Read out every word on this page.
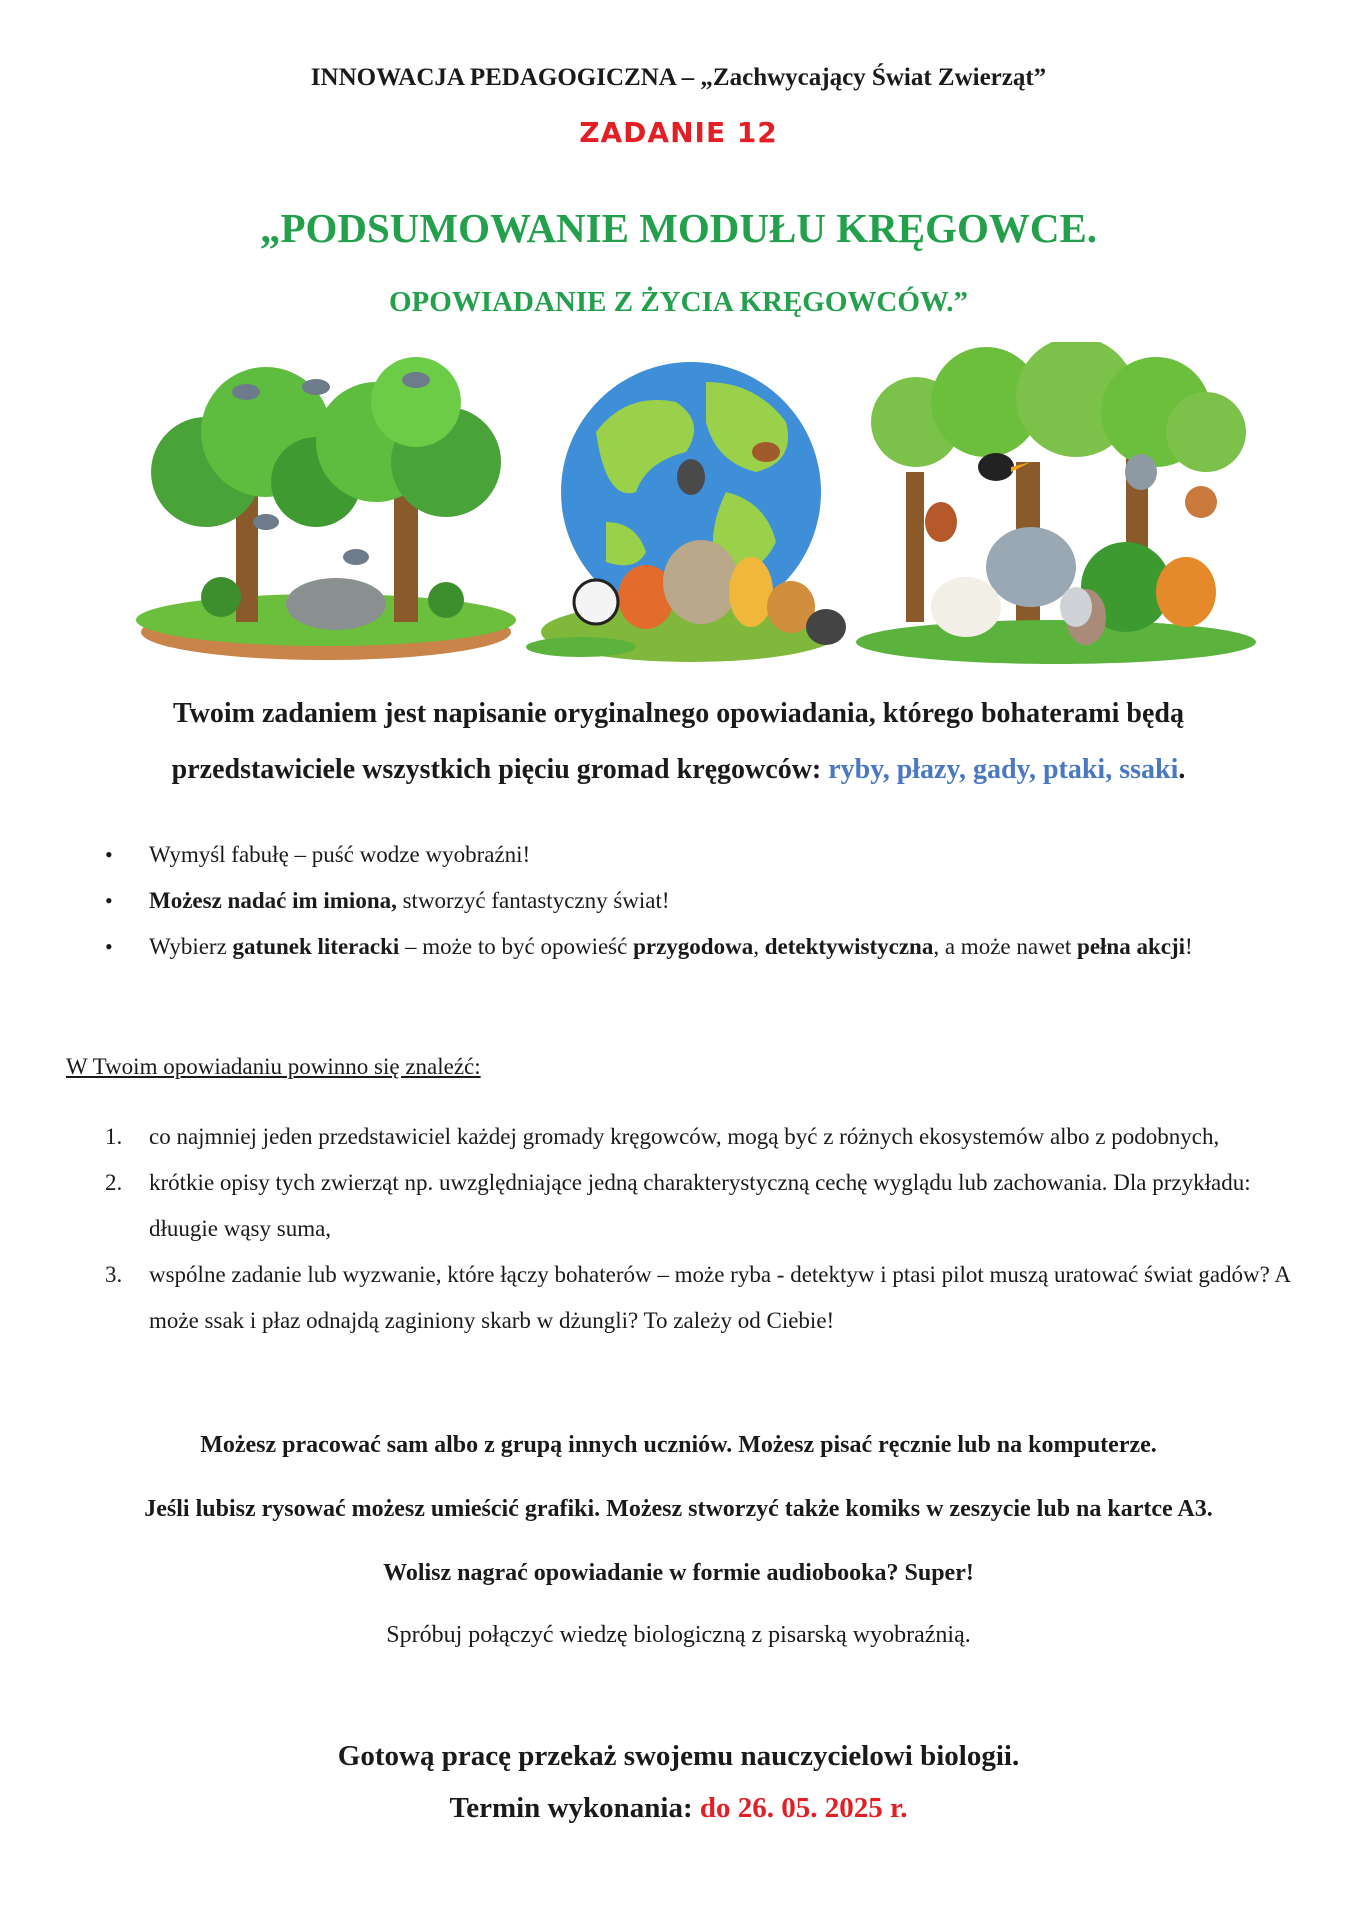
INNOWACJA PEDAGOGICZNA – „Zachwycający Świat Zwierząt”
ZADANIE 12
„PODSUMOWANIE MODUŁU KRĘGOWCE.
OPOWIADANIE Z ŻYCIA KRĘGOWCÓW.”
Twoim zadaniem jest napisanie oryginalnego opowiadania, którego bohaterami będą
przedstawiciele wszystkich pięciu gromad kręgowców: ryby, płazy, gady, ptaki, ssaki.
• Wymyśl fabułę – puść wodze wyobraźni!
• Możesz nadać im imiona, stworzyć fantastyczny świat!
• Wybierz gatunek literacki – może to być opowieść przygodowa, detektywistyczna, a może nawet pełna akcji!
W Twoim opowiadaniu powinno się znaleźć:
1. co najmniej jeden przedstawiciel każdej gromady kręgowców, mogą być z różnych ekosystemów albo z podobnych,
2. krótkie opisy tych zwierząt np. uwzględniające jedną charakterystyczną cechę wyglądu lub zachowania. Dla przykładu: dłuugie wąsy suma,
3. wspólne zadanie lub wyzwanie, które łączy bohaterów – może ryba - detektyw i ptasi pilot muszą uratować świat gadów? A może ssak i płaz odnajdą zaginiony skarb w dżungli? To zależy od Ciebie!
Możesz pracować sam albo z grupą innych uczniów. Możesz pisać ręcznie lub na komputerze.
Jeśli lubisz rysować możesz umieścić grafiki. Możesz stworzyć także komiks w zeszycie lub na kartce A3.
Wolisz nagrać opowiadanie w formie audiobooka? Super!
Spróbuj połączyć wiedzę biologiczną z pisarską wyobraźnią.
Gotową pracę przekaż swojemu nauczycielowi biologii.
Termin wykonania: do 26. 05. 2025 r.
